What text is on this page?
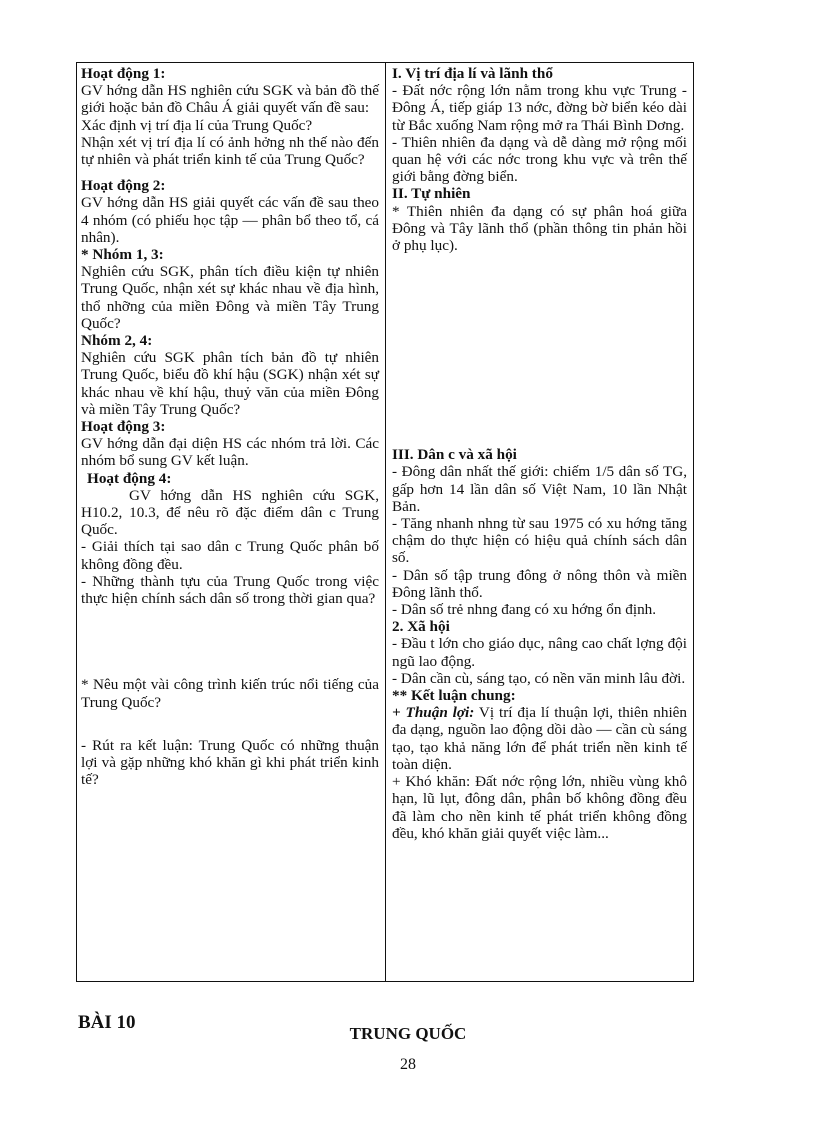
Hoạt động 1:

GV hớng dẫn HS nghiên cứu SGK và bản đồ thế giới hoặc bản đồ Châu Á giải quyết vấn đề sau:

Xác định vị trí địa lí của Trung Quốc?

Nhận xét vị trí địa lí có ảnh hởng nh thế nào đến tự nhiên và phát triển kinh tế của Trung Quốc?

Hoạt động 2:

GV hớng dẫn HS giải quyết các vấn đề sau theo 4 nhóm (có phiếu học tập — phân bổ theo tổ, cá nhân).

* Nhóm 1, 3:

Nghiên cứu SGK, phân tích điều kiện tự nhiên Trung Quốc, nhận xét sự khác nhau về địa hình, thổ nhỡng của miền Đông và miền Tây Trung Quốc?

Nhóm 2, 4:

Nghiên cứu SGK phân tích bản đồ tự nhiên Trung Quốc, biểu đồ khí hậu (SGK) nhận xét sự khác nhau về khí hậu, thuỷ văn của miền Đông và miền Tây Trung Quốc?

Hoạt động 3:

GV hớng dẫn đại diện HS các nhóm trả lời. Các nhóm bổ sung GV kết luận.

Hoạt động 4:

GV hớng dẫn HS nghiên cứu SGK, H10.2, 10.3, để nêu rõ đặc điểm dân c Trung Quốc.

- Giải thích tại sao dân c Trung Quốc phân bố không đồng đều.

- Những thành tựu của Trung Quốc trong việc thực hiện chính sách dân số trong thời gian qua?

* Nêu một vài công trình kiến trúc nổi tiếng của Trung Quốc?

- Rút ra kết luận: Trung Quốc có những thuận lợi và gặp những khó khăn gì khi phát triển kinh tế?

I. Vị trí địa lí và lãnh thổ

- Đất nớc rộng lớn nằm trong khu vực Trung - Đông Á, tiếp giáp 13 nớc, đờng bờ biển kéo dài từ Bắc xuống Nam rộng mở ra Thái Bình Dơng.

- Thiên nhiên đa dạng và dễ dàng mở rộng mối quan hệ với các nớc trong khu vực và trên thế giới bằng đờng biển.

II. Tự nhiên

* Thiên nhiên đa dạng có sự phân hoá giữa Đông và Tây lãnh thổ (phần thông tin phản hồi ở phụ lục).

III. Dân c và xã hội

- Đông dân nhất thế giới: chiếm 1/5 dân số TG, gấp hơn 14 lần dân số Việt Nam, 10 lần Nhật Bản.

- Tăng nhanh nhng từ sau 1975 có xu hớng tăng chậm do thực hiện có hiệu quả chính sách dân số.

- Dân số tập trung đông ở nông thôn và miền Đông lãnh thổ.

- Dân số trẻ nhng đang có xu hớng ổn định.

2. Xã hội

- Đầu t lớn cho giáo dục, nâng cao chất lợng đội ngũ lao động.

- Dân cần cù, sáng tạo, có nền văn minh lâu đời.

** Kết luận chung:

+ Thuận lợi: Vị trí địa lí thuận lợi, thiên nhiên đa dạng, nguồn lao động dồi dào — cần cù sáng tạo, tạo khả năng lớn để phát triển nền kinh tế toàn diện.

+ Khó khăn: Đất nớc rộng lớn, nhiều vùng khô hạn, lũ lụt, đông dân, phân bố không đồng đều đã làm cho nền kinh tế phát triển không đồng đều, khó khăn giải quyết việc làm...

BÀI 10
TRUNG QUỐC
28
